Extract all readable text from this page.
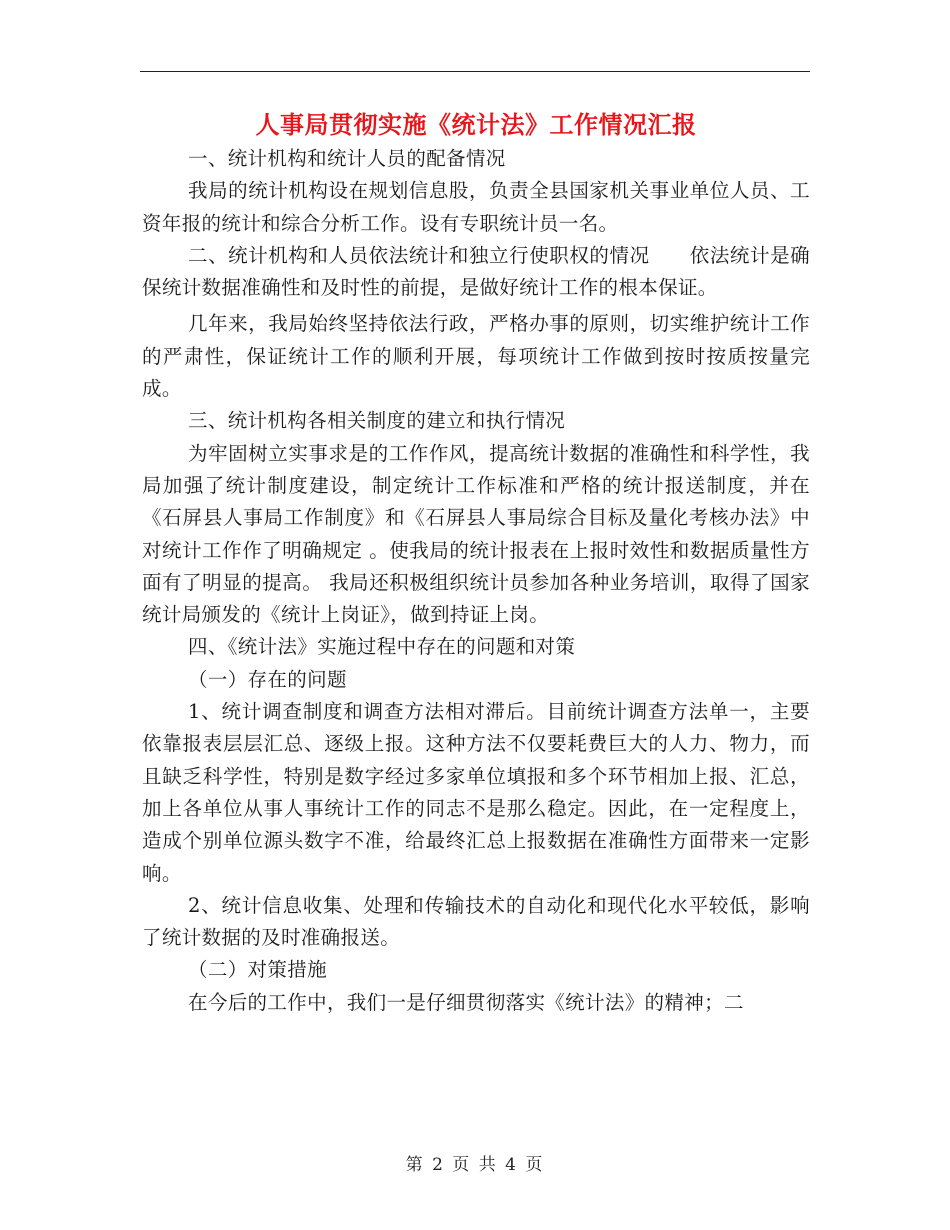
人事局贯彻实施《统计法》工作情况汇报

一、统计机构和统计人员的配备情况

我局的统计机构设在规划信息股，负责全县国家机关事业单位人员、工资年报的统计和综合分析工作。设有专职统计员一名。

二、统计机构和人员依法统计和独立行使职权的情况　　依法统计是确保统计数据准确性和及时性的前提，是做好统计工作的根本保证。

几年来，我局始终坚持依法行政，严格办事的原则，切实维护统计工作的严肃性，保证统计工作的顺利开展，每项统计工作做到按时按质按量完成。

三、统计机构各相关制度的建立和执行情况

为牢固树立实事求是的工作作风，提高统计数据的准确性和科学性，我局加强了统计制度建设，制定统计工作标准和严格的统计报送制度，并在《石屏县人事局工作制度》和《石屏县人事局综合目标及量化考核办法》中对统计工作作了明确规定 。使我局的统计报表在上报时效性和数据质量性方面有了明显的提高。 我局还积极组织统计员参加各种业务培训，取得了国家统计局颁发的《统计上岗证》，做到持证上岗。

四、《统计法》实施过程中存在的问题和对策

（一）存在的问题

1、统计调查制度和调查方法相对滞后。目前统计调查方法单一，主要依靠报表层层汇总、逐级上报。这种方法不仅要耗费巨大的人力、物力，而且缺乏科学性，特别是数字经过多家单位填报和多个环节相加上报、汇总，加上各单位从事人事统计工作的同志不是那么稳定。因此，在一定程度上，造成个别单位源头数字不准，给最终汇总上报数据在准确性方面带来一定影响。

2、统计信息收集、处理和传输技术的自动化和现代化水平较低，影响了统计数据的及时准确报送。

（二）对策措施

在今后的工作中，我们一是仔细贯彻落实《统计法》的精神；二

第 2 页 共 4 页
